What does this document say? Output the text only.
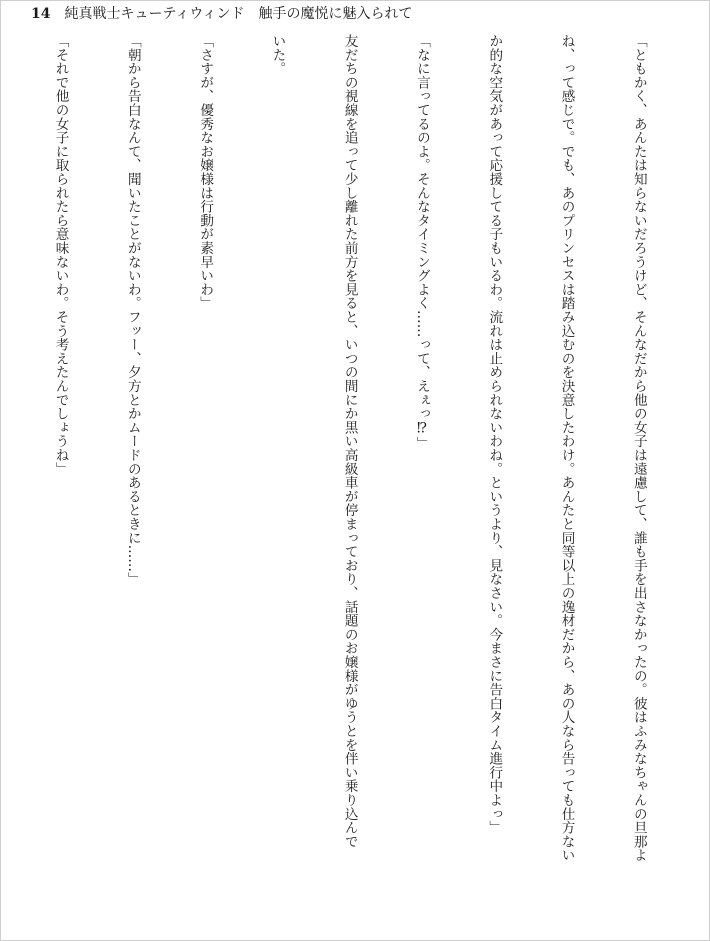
14 純真戦士キューティウィンド　触手の魔悦に魅入られて

「ともかく、あんたは知らないだろうけど、そんなだから他の女子は遠慮して、誰も手を出さなかったの。彼はふみなちゃんの旦那よ

ね、って感じで。でも、あのプリンセスは踏み込むのを決意したわけ。あんたと同等以上の逸材だから、あの人なら告っても仕方ない

か的な空気があって応援してる子もいるわ。流れは止められないわね。というより、見なさい。今まさに告白タイム進行中よっ」

「なに言ってるのよ。そんなタイミングよく……って、えぇっ⁉」

友だちの視線を追って少し離れた前方を見ると、いつの間にか黒い高級車が停まっており、話題のお嬢様がゆうとを伴い乗り込んで

いた。

「さすが、優秀なお嬢様は行動が素早いわ」

「朝から告白なんて、聞いたことがないわ。フッー、夕方とかムードのあるときに……」

「それで他の女子に取られたら意味ないわ。そう考えたんでしょうね」
